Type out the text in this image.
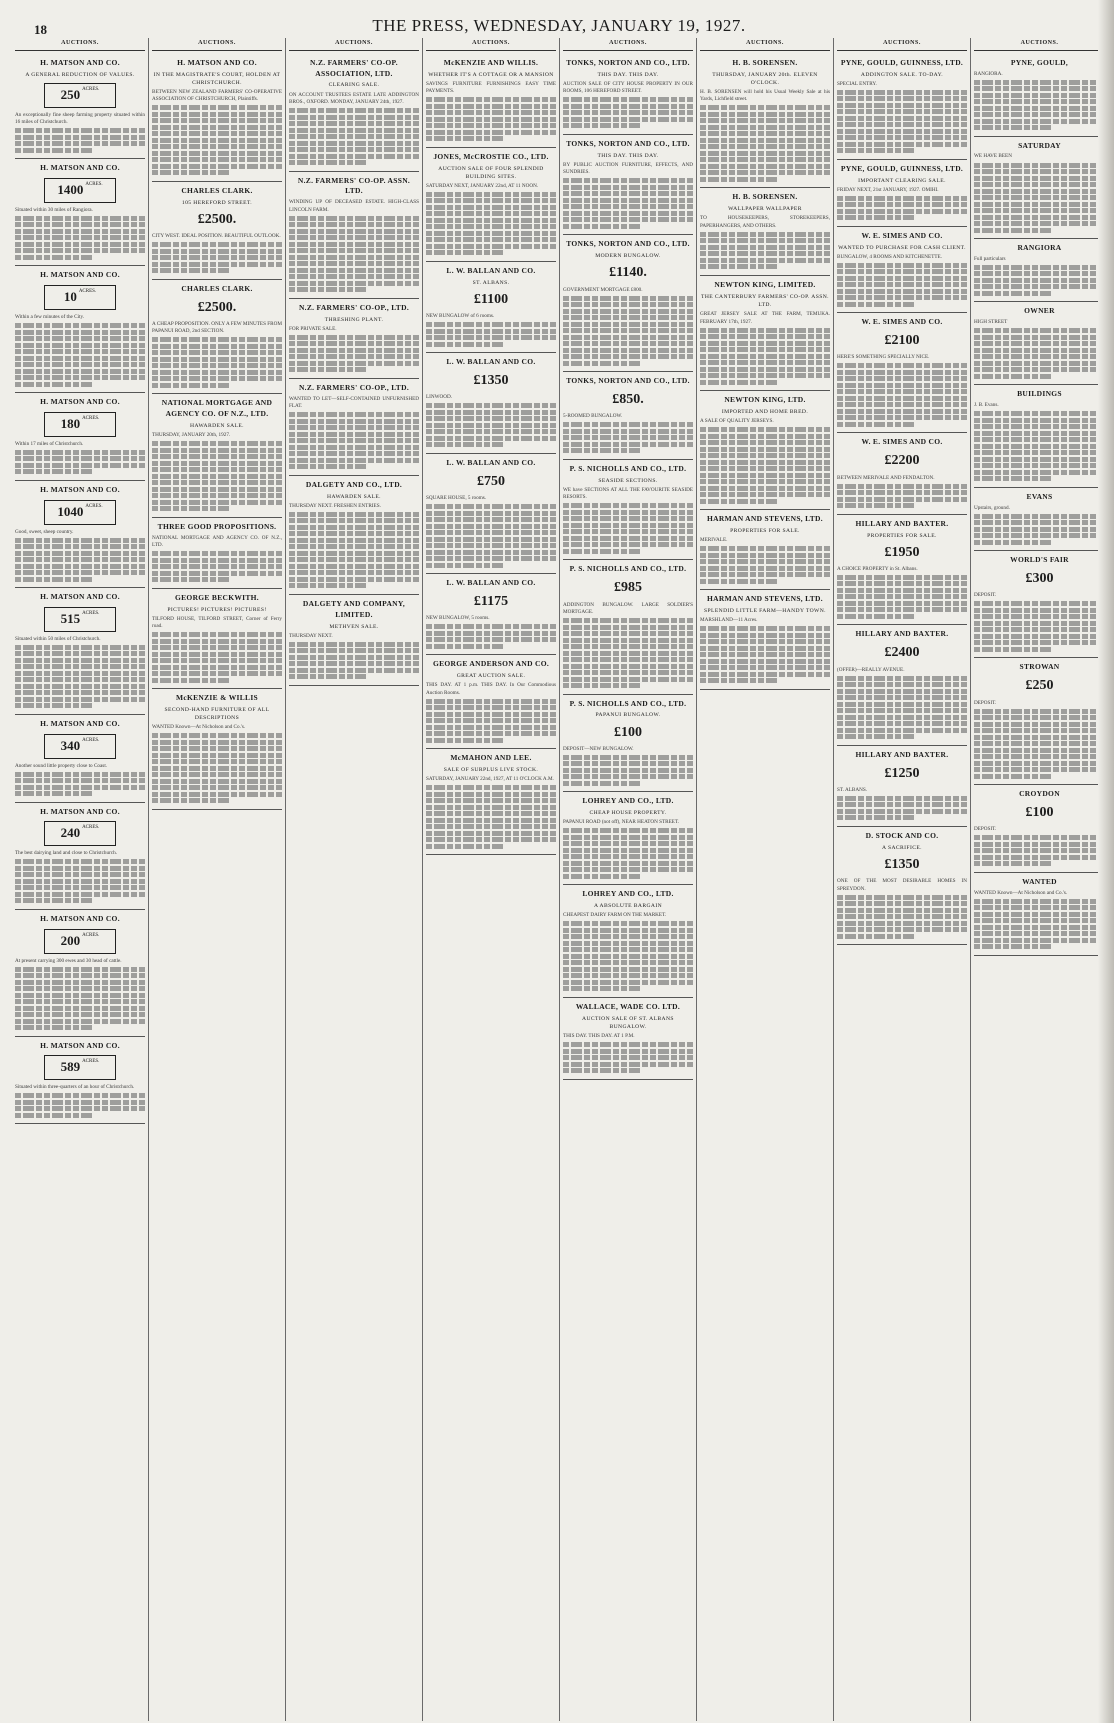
18	THE PRESS, WEDNESDAY, JANUARY 19, 1927.
AUCTIONS.
H. MATSON AND CO.
A GENERAL REDUCTION OF VALUES.
250 ACRES.
An exceptionally fine sheep farming property situated within 16 miles of Christchurch.
H. MATSON AND CO.
1400 ACRES.
Situated within 30 miles of Rangiora.
H. MATSON AND CO.
10 ACRES.
Within a few minutes of the City.
H. MATSON AND CO.
180 ACRES.
Within 17 miles of Christchurch.
H. MATSON AND CO.
1040 ACRES.
Good, sweet, sheep country.
H. MATSON AND CO.
515 ACRES.
Situated within 50 miles of Christchurch.
H. MATSON AND CO.
340 ACRES.
Another sound little property close to Coast.
H. MATSON AND CO.
240 ACRES.
The best dairying land and close to Christchurch.
H. MATSON AND CO.
200 ACRES.
At present carrying 300 ewes and 30 head of cattle.
H. MATSON AND CO.
589 ACRES.
Situated within three-quarters of an hour of Christchurch.
AUCTIONS.
H. MATSON AND CO.
IN THE MAGISTRATE'S COURT, HOLDEN AT CHRISTCHURCH.
BETWEEN NEW ZEALAND FARMERS' CO-OPERATIVE ASSOCIATION OF CHRISTCHURCH, Plaintiffs.
CHARLES CLARK.
105 HEREFORD STREET.
£2500.
CITY WEST. IDEAL POSITION. BEAUTIFUL OUTLOOK.
CHARLES CLARK.
£2500.
A CHEAP PROPOSITION. ONLY A FEW MINUTES FROM PAPANUI ROAD, 2nd SECTION.
NATIONAL MORTGAGE AND AGENCY CO. OF N.Z., LTD.
HAWARDEN SALE.
THURSDAY, JANUARY 20th, 1927.
THREE GOOD PROPOSITIONS.
NATIONAL MORTGAGE AND AGENCY CO. OF N.Z., LTD.
GEORGE BECKWITH.
PICTURES! PICTURES! PICTURES!
TILFORD HOUSE, TILFORD STREET, Corner of Ferry road.
McKENZIE & WILLIS
SECOND-HAND FURNITURE OF ALL DESCRIPTIONS
WANTED Known—At Nicholson and Co.'s.
AUCTIONS.
N.Z. FARMERS' CO-OP. ASSOCIATION, LTD.
CLEARING SALE.
ON ACCOUNT TRUSTEES ESTATE LATE ADDINGTON BROS., OXFORD. MONDAY, JANUARY 24th, 1927.
N.Z. FARMERS' CO-OP. ASSN. LTD.
WINDING UP OF DECEASED ESTATE. HIGH-CLASS LINCOLN FARM.
N.Z. FARMERS' CO-OP., LTD.
THRESHING PLANT.
FOR PRIVATE SALE.
N.Z. FARMERS' CO-OP., LTD.
WANTED TO LET—SELF-CONTAINED UNFURNISHED FLAT.
DALGETY AND CO., LTD.
HAWARDEN SALE.
THURSDAY NEXT. FRESHEN ENTRIES.
DALGETY AND COMPANY, LIMITED.
METHVEN SALE.
THURSDAY NEXT.
AUCTIONS.
McKENZIE AND WILLIS.
WHETHER IT'S A COTTAGE OR A MANSION
SAVINGS FURNITURE FURNISHINGS EASY TIME PAYMENTS.
JONES, McCROSTIE CO., LTD.
AUCTION SALE OF FOUR SPLENDID BUILDING SITES.
SATURDAY NEXT, JANUARY 22nd, AT 11 NOON.
L. W. BALLAN AND CO.
ST. ALBANS.
£1100
NEW BUNGALOW of 6 rooms.
L. W. BALLAN AND CO.
£1350
LINWOOD.
L. W. BALLAN AND CO.
£750
SQUARE HOUSE, 5 rooms.
L. W. BALLAN AND CO.
£1175
NEW BUNGALOW, 5 rooms.
GEORGE ANDERSON AND CO.
GREAT AUCTION SALE.
THIS DAY. AT 1 p.m. THIS DAY. In Our Commodious Auction Rooms.
McMAHON AND LEE.
SALE OF SURPLUS LIVE STOCK.
SATURDAY, JANUARY 22nd, 1927, AT 11 O'CLOCK A.M.
AUCTIONS.
TONKS, NORTON AND CO., LTD.
THIS DAY. THIS DAY.
AUCTION SALE OF CITY HOUSE PROPERTY IN OUR ROOMS, 106 HEREFORD STREET.
TONKS, NORTON AND CO., LTD.
THIS DAY. THIS DAY.
BY PUBLIC AUCTION FURNITURE, EFFECTS, AND SUNDRIES.
TONKS, NORTON AND CO., LTD.
MODERN BUNGALOW.
£1140.
GOVERNMENT MORTGAGE £800.
TONKS, NORTON AND CO., LTD.
£850.
5-ROOMED BUNGALOW.
P. S. NICHOLLS AND CO., LTD.
SEASIDE SECTIONS.
WE have SECTIONS AT ALL THE FAVOURITE SEASIDE RESORTS.
P. S. NICHOLLS AND CO., LTD.
£985
ADDINGTON BUNGALOW. LARGE SOLDIER'S MORTGAGE.
P. S. NICHOLLS AND CO., LTD.
PAPANUI BUNGALOW.
£100
DEPOSIT—NEW BUNGALOW.
LOHREY AND CO., LTD.
CHEAP HOUSE PROPERTY.
PAPANUI ROAD (not off), NEAR HEATON STREET.
LOHREY AND CO., LTD.
A ABSOLUTE BARGAIN
CHEAPEST DAIRY FARM ON THE MARKET.
WALLACE, WADE CO. LTD.
AUCTION SALE OF ST. ALBANS BUNGALOW.
THIS DAY. THIS DAY. AT 1 P.M.
AUCTIONS.
H. B. SORENSEN.
THURSDAY, JANUARY 20th. ELEVEN O'CLOCK.
H. B. SORENSEN will hold his Usual Weekly Sale at his Yards, Lichfield street.
H. B. SORENSEN.
WALLPAPER WALLPAPER
TO HOUSEKEEPERS, STOREKEEPERS, PAPERHANGERS, AND OTHERS.
NEWTON KING, LIMITED.
THE CANTERBURY FARMERS' CO-OP. ASSN. LTD.
GREAT JERSEY SALE AT THE FARM, TEMUKA. FEBRUARY 17th, 1927.
NEWTON KING, LTD.
IMPORTED AND HOME BRED.
A SALE OF QUALITY JERSEYS.
HARMAN AND STEVENS, LTD.
PROPERTIES FOR SALE.
MERIVALE.
HARMAN AND STEVENS, LTD.
SPLENDID LITTLE FARM—HANDY TOWN.
MARSHLAND—11 Acres.
AUCTIONS.
PYNE, GOULD, GUINNESS, LTD.
ADDINGTON SALE. TO-DAY.
SPECIAL ENTRY.
PYNE, GOULD, GUINNESS, LTD.
IMPORTANT CLEARING SALE.
FRIDAY NEXT, 21st JANUARY, 1927. OMIHI.
W. E. SIMES AND CO.
WANTED TO PURCHASE FOR CASH CLIENT.
BUNGALOW, 4 ROOMS AND KITCHENETTE.
W. E. SIMES AND CO.
£2100
HERE'S SOMETHING SPECIALLY NICE.
W. E. SIMES AND CO.
£2200
BETWEEN MERIVALE AND FENDALTON.
HILLARY AND BAXTER.
PROPERTIES FOR SALE.
£1950
A CHOICE PROPERTY in St. Albans.
HILLARY AND BAXTER.
£2400
(OFFER)—REALLY AVENUE.
HILLARY AND BAXTER.
£1250
ST. ALBANS.
D. STOCK AND CO.
A SACRIFICE.
£1350
ONE OF THE MOST DESIRABLE HOMES IN SPREYDON.
AUCTIONS.
PYNE, GOULD,
RANGIORA.
SATURDAY
WE HAVE BEEN
RANGIORA
Full particulars
OWNER
HIGH STREET
BUILDINGS
J. B. Evans.
EVANS
Upstairs, ground.
WORLD'S FAIR
£300
DEPOSIT.
STROWAN
£250
DEPOSIT.
CROYDON
£100
DEPOSIT.
WANTED
WANTED Known—At Nicholson and Co.'s.
